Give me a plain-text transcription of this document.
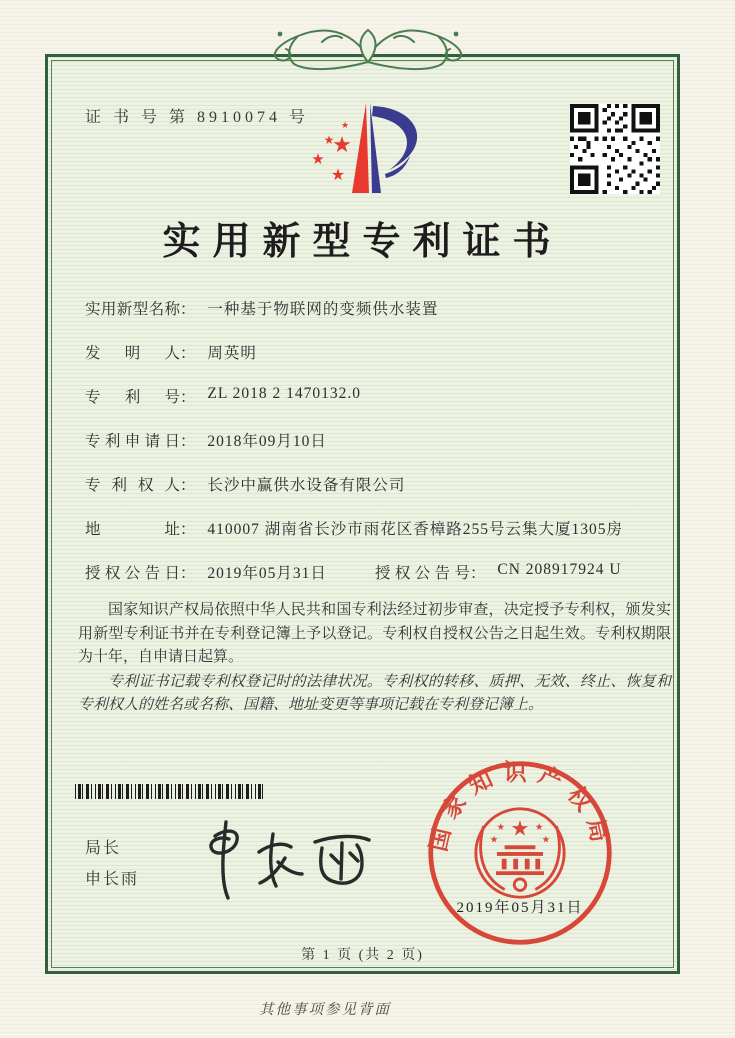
证 书 号 第 8910074 号
★
★
★
★
★
实用新型专利证书
实用新型名称： 一种基于物联网的变频供水装置
发明人： 周英明
专利号： ZL 2018 2 1470132.0
专利申请日： 2018年09月10日
专利权人： 长沙中赢供水设备有限公司
地址： 410007 湖南省长沙市雨花区香樟路255号云集大厦1305房
授权公告日： 2019年05月31日	授权公告号： CN 208917924 U

国家知识产权局依照中华人民共和国专利法经过初步审查，决定授予专利权，颁发实用新型专利证书并在专利登记簿上予以登记。专利权自授权公告之日起生效。专利权期限为十年，自申请日起算。

专利证书记载专利权登记时的法律状况。专利权的转移、质押、无效、终止、恢复和专利权人的姓名或名称、国籍、地址变更等事项记载在专利登记簿上。

局长
申长雨
国家知识产权局
★
★	★
★	★
2019年05月31日
第 1 页 (共 2 页)
其他事项参见背面
